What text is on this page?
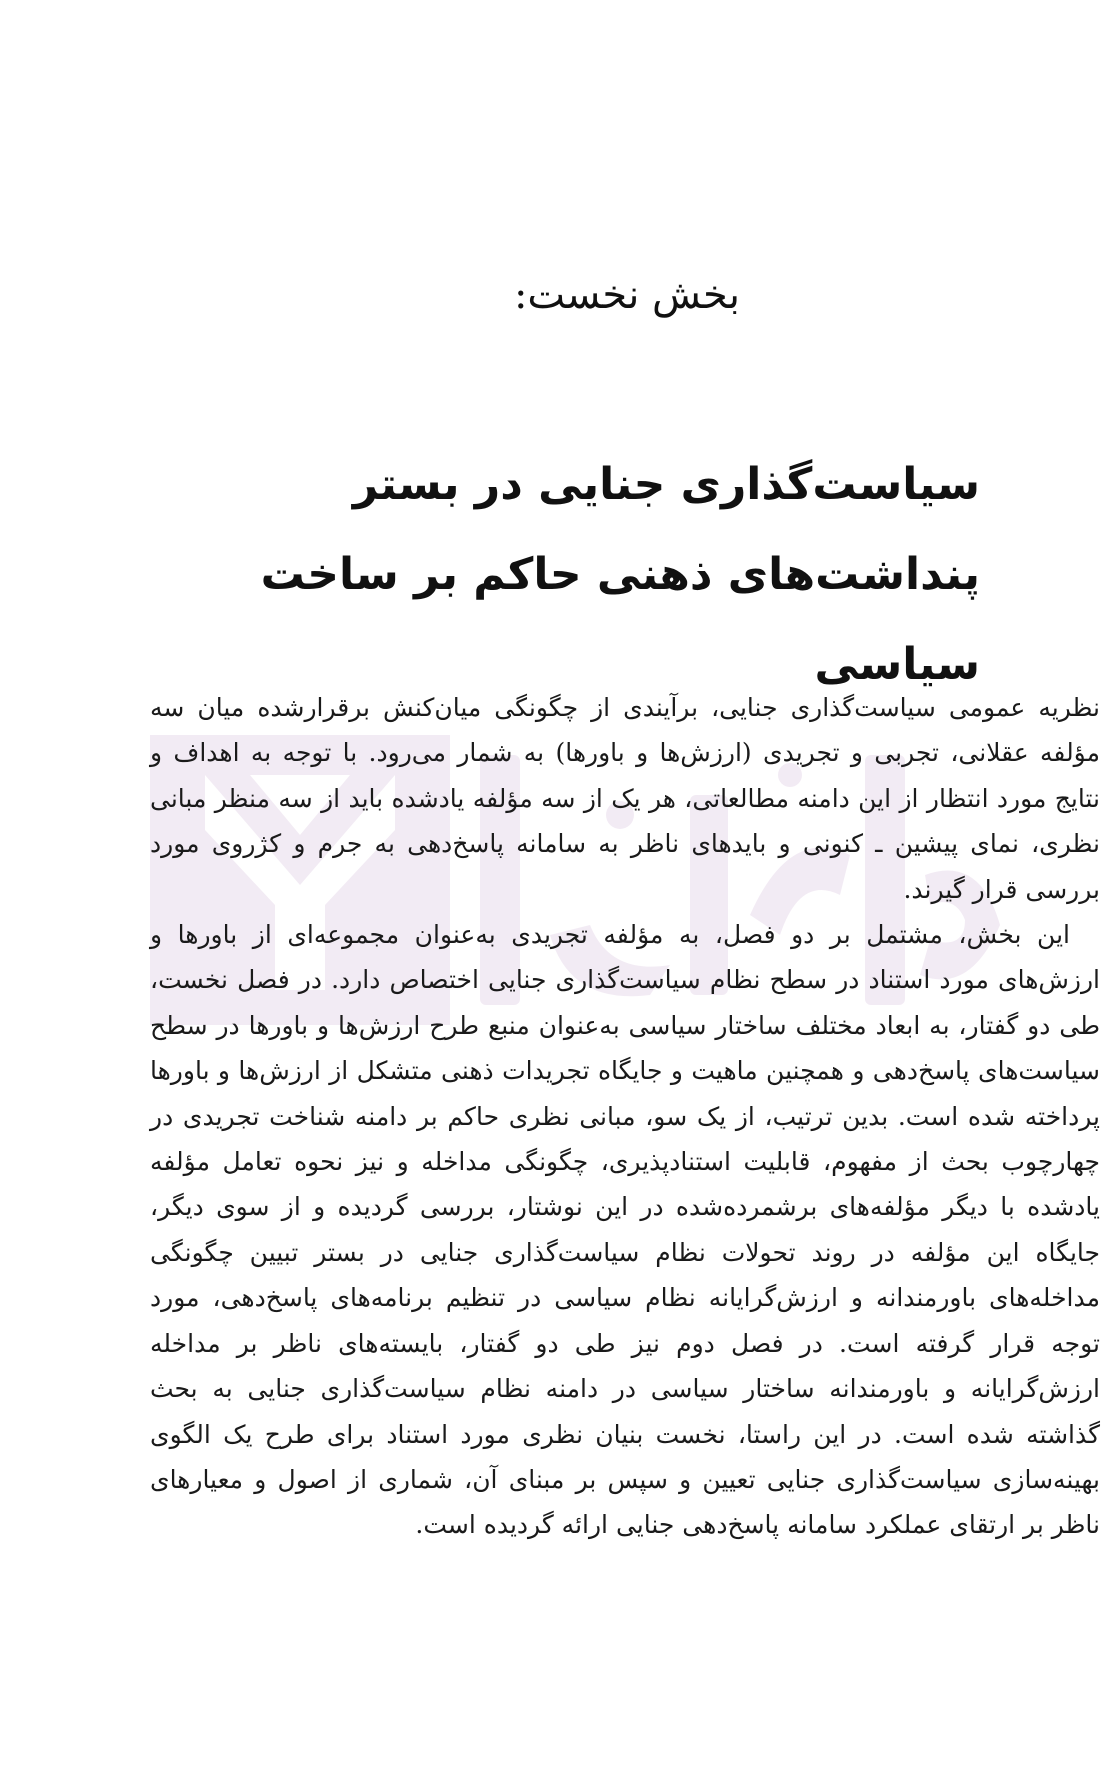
بخش نخست:
سیاست‌گذاری جنایی در بستر
پنداشت‌های ذهنی حاکم بر ساخت سیاسی

نظریه عمومی سیاست‌گذاری جنایی، برآیندی از چگونگی میان‌کنش برقرارشده میان سه مؤلفه عقلانی، تجربی و تجریدی (ارزش‌ها و باورها) به شمار می‌رود. با توجه به اهداف و نتایج مورد انتظار از این دامنه مطالعاتی، هر یک از سه مؤلفه یادشده باید از سه منظر مبانی نظری، نمای پیشین ـ کنونی و بایدهای ناظر به سامانه پاسخ‌دهی به جرم و کژروی مورد بررسی قرار گیرند.

این بخش، مشتمل بر دو فصل، به مؤلفه تجریدی به‌عنوان مجموعه‌ای از باورها و ارزش‌های مورد استناد در سطح نظام سیاست‌گذاری جنایی اختصاص دارد. در فصل نخست، طی دو گفتار، به ابعاد مختلف ساختار سیاسی به‌عنوان منبع طرح ارزش‌ها و باورها در سطح سیاست‌های پاسخ‌دهی و همچنین ماهیت و جایگاه تجریدات ذهنی متشکل از ارزش‌ها و باورها پرداخته شده است. بدین ترتیب، از یک سو، مبانی نظری حاکم بر دامنه شناخت تجریدی در چهارچوب بحث از مفهوم، قابلیت استنادپذیری، چگونگی مداخله و نیز نحوه تعامل مؤلفه یادشده با دیگر مؤلفه‌های برشمرده‌شده در این نوشتار، بررسی گردیده و از سوی دیگر، جایگاه این مؤلفه در روند تحولات نظام سیاست‌گذاری جنایی در بستر تبیین چگونگی مداخله‌های باورمندانه و ارزش‌گرایانه نظام سیاسی در تنظیم برنامه‌های پاسخ‌دهی، مورد توجه قرار گرفته است. در فصل دوم نیز طی دو گفتار، بایسته‌های ناظر بر مداخله ارزش‌گرایانه و باورمندانه ساختار سیاسی در دامنه نظام سیاست‌گذاری جنایی به بحث گذاشته شده است. در این راستا، نخست بنیان نظری مورد استناد برای طرح یک الگوی بهینه‌سازی سیاست‌گذاری جنایی تعیین و سپس بر مبنای آن، شماری از اصول و معیارهای ناظر بر ارتقای عملکرد سامانه پاسخ‌دهی جنایی ارائه گردیده است.
